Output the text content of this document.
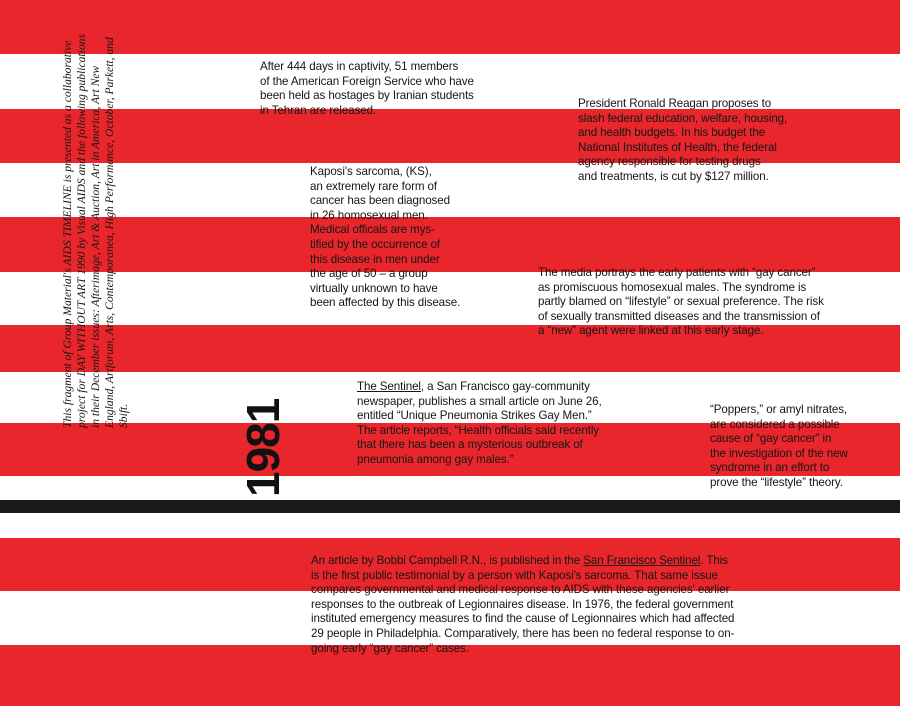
This fragment of Group Material's AIDS TIMELINE is presented as a collaborative project for DAY WITHOUT ART 1990 by Visual AIDS and the following publications in their December issues: Afterimage, Art & Auction, Art in America, Art New England, Artforum, Arts, Contemporanea, High Performance, October, Parkett, and Sbift. 1981
After 444 days in captivity, 51 members
of the American Foreign Service who have
been held as hostages by Iranian students
in Tehran are released.
President Ronald Reagan proposes to
slash federal education, welfare, housing,
and health budgets. In his budget the
National Institutes of Health, the federal
agency responsible for testing drugs
and treatments, is cut by $127 million.
Kaposi's sarcoma, (KS),
an extremely rare form of
cancer has been diagnosed
in 26 homosexual men.
Medical officals are mys-
tified by the occurrence of
this disease in men under
the age of 50 – a group
virtually unknown to have
been affected by this disease.
The media portrays the early patients with “gay cancer”
as promiscuous homosexual males. The syndrome is
partly blamed on “lifestyle” or sexual preference. The risk
of sexually transmitted diseases and the transmission of
a “new” agent were linked at this early stage.
The Sentinel, a San Francisco gay-community
newspaper, publishes a small article on June 26,
entitled “Unique Pneumonia Strikes Gay Men.”
The article reports, “Health officials said recently
that there has been a mysterious outbreak of
pneumonia among gay males.”
“Poppers,” or amyl nitrates,
are considered a possible
cause of “gay cancer” in
the investigation of the new
syndrome in an effort to
prove the “lifestyle” theory.
An article by Bobbi Campbell R.N., is published in the San Francisco Sentinel. This
is the first public testimonial by a person with Kaposi's sarcoma. That same issue
compares governmental and medical response to AIDS with these agencies' earlier
responses to the outbreak of Legionnaires disease. In 1976, the federal government
instituted emergency measures to find the cause of Legionnaires which had affected
29 people in Philadelphia. Comparatively, there has been no federal response to on-
going early “gay cancer” cases.
